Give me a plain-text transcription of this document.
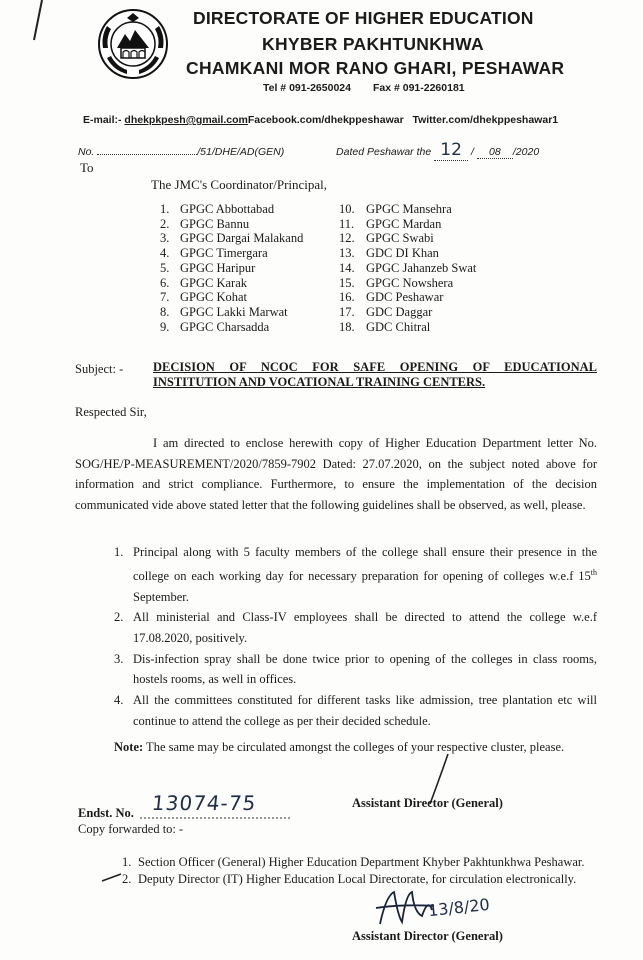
DIRECTORATE OF HIGHER EDUCATION
KHYBER PAKHTUNKHWA
CHAMKANI MOR RANO GHARI, PESHAWAR
Tel # 091-2650024 Fax # 091-2260181
E-mail:- dhekpkpesh@gmail.comFacebook.com/dhekppeshawar Twitter.com/dhekppeshawar1
No.	/51/DHE/AD(GEN)	Dated Peshawar the 12 / 08 /2020
To
The JMC's Coordinator/Principal,
1. GPGC Abbottabad
2. GPGC Bannu
3. GPGC Dargai Malakand
4. GPGC Timergara
5. GPGC Haripur
6. GPGC Karak
7. GPGC Kohat
8. GPGC Lakki Marwat
9. GPGC Charsadda
10. GPGC Mansehra
11. GPGC Mardan
12. GPGC Swabi
13. GDC DI Khan
14. GPGC Jahanzeb Swat
15. GPGC Nowshera
16. GDC Peshawar
17. GDC Daggar
18. GDC Chitral
Subject: - DECISION OF NCOC FOR SAFE OPENING OF EDUCATIONAL INSTITUTION AND VOCATIONAL TRAINING CENTERS.
Respected Sir,
I am directed to enclose herewith copy of Higher Education Department letter No. SOG/HE/P-MEASUREMENT/2020/7859-7902 Dated: 27.07.2020, on the subject noted above for information and strict compliance. Furthermore, to ensure the implementation of the decision communicated vide above stated letter that the following guidelines shall be observed, as well, please.
1. Principal along with 5 faculty members of the college shall ensure their presence in the college on each working day for necessary preparation for opening of colleges w.e.f 15th September.
2. All ministerial and Class-IV employees shall be directed to attend the college w.e.f 17.08.2020, positively.
3. Dis-infection spray shall be done twice prior to opening of the colleges in class rooms, hostels rooms, as well in offices.
4. All the committees constituted for different tasks like admission, tree plantation etc will continue to attend the college as per their decided schedule.
Note: The same may be circulated amongst the colleges of your respective cluster, please.
Assistant Director (General)
Endst. No. 13074-75
Copy forwarded to: -
1. Section Officer (General) Higher Education Department Khyber Pakhtunkhwa Peshawar.
2. Deputy Director (IT) Higher Education Local Directorate, for circulation electronically.
13/8/20
Assistant Director (General)
